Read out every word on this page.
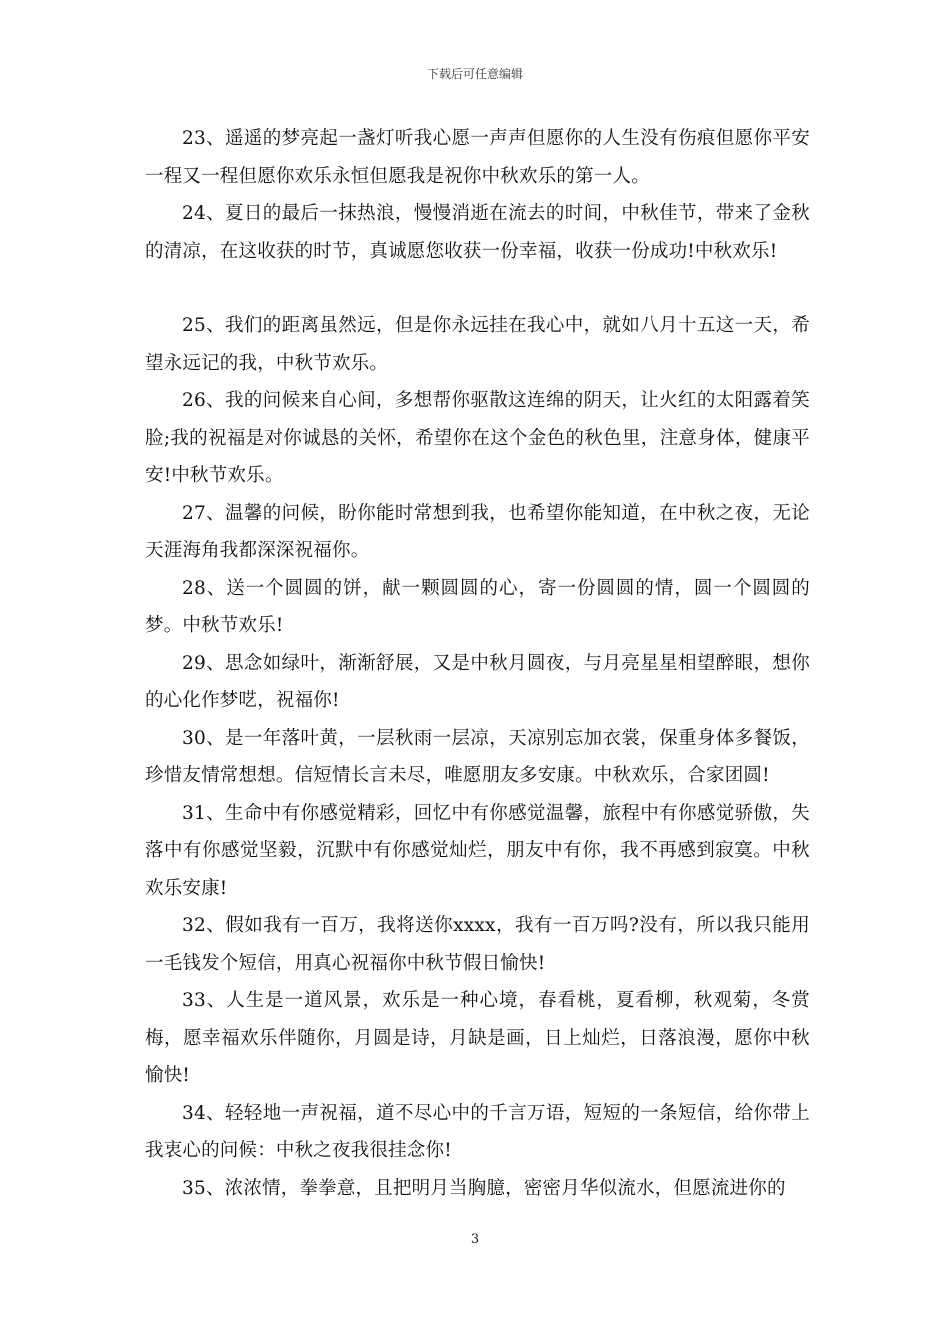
下载后可任意编辑

23、遥遥的梦亮起一盏灯听我心愿一声声但愿你的人生没有伤痕但愿你平安一程又一程但愿你欢乐永恒但愿我是祝你中秋欢乐的第一人。

24、夏日的最后一抹热浪，慢慢消逝在流去的时间，中秋佳节，带来了金秋的清凉，在这收获的时节，真诚愿您收获一份幸福，收获一份成功!中秋欢乐!

25、我们的距离虽然远，但是你永远挂在我心中，就如八月十五这一天，希望永远记的我，中秋节欢乐。

26、我的问候来自心间，多想帮你驱散这连绵的阴天，让火红的太阳露着笑脸;我的祝福是对你诚恳的关怀，希望你在这个金色的秋色里，注意身体，健康平安!中秋节欢乐。

27、温馨的问候，盼你能时常想到我，也希望你能知道，在中秋之夜，无论天涯海角我都深深祝福你。

28、送一个圆圆的饼，献一颗圆圆的心，寄一份圆圆的情，圆一个圆圆的梦。中秋节欢乐!

29、思念如绿叶，渐渐舒展，又是中秋月圆夜，与月亮星星相望醉眼，想你的心化作梦呓，祝福你!

30、是一年落叶黄，一层秋雨一层凉，天凉别忘加衣裳，保重身体多餐饭，珍惜友情常想想。信短情长言未尽，唯愿朋友多安康。中秋欢乐，合家团圆!

31、生命中有你感觉精彩，回忆中有你感觉温馨，旅程中有你感觉骄傲，失落中有你感觉坚毅，沉默中有你感觉灿烂，朋友中有你，我不再感到寂寞。中秋欢乐安康!

32、假如我有一百万，我将送你xxxx，我有一百万吗?没有，所以我只能用一毛钱发个短信，用真心祝福你中秋节假日愉快!

33、人生是一道风景，欢乐是一种心境，春看桃，夏看柳，秋观菊，冬赏梅，愿幸福欢乐伴随你，月圆是诗，月缺是画，日上灿烂，日落浪漫，愿你中秋愉快!

34、轻轻地一声祝福，道不尽心中的千言万语，短短的一条短信，给你带上我衷心的问候：中秋之夜我很挂念你!

35、浓浓情，拳拳意，且把明月当胸臆，密密月华似流水，但愿流进你的

3
